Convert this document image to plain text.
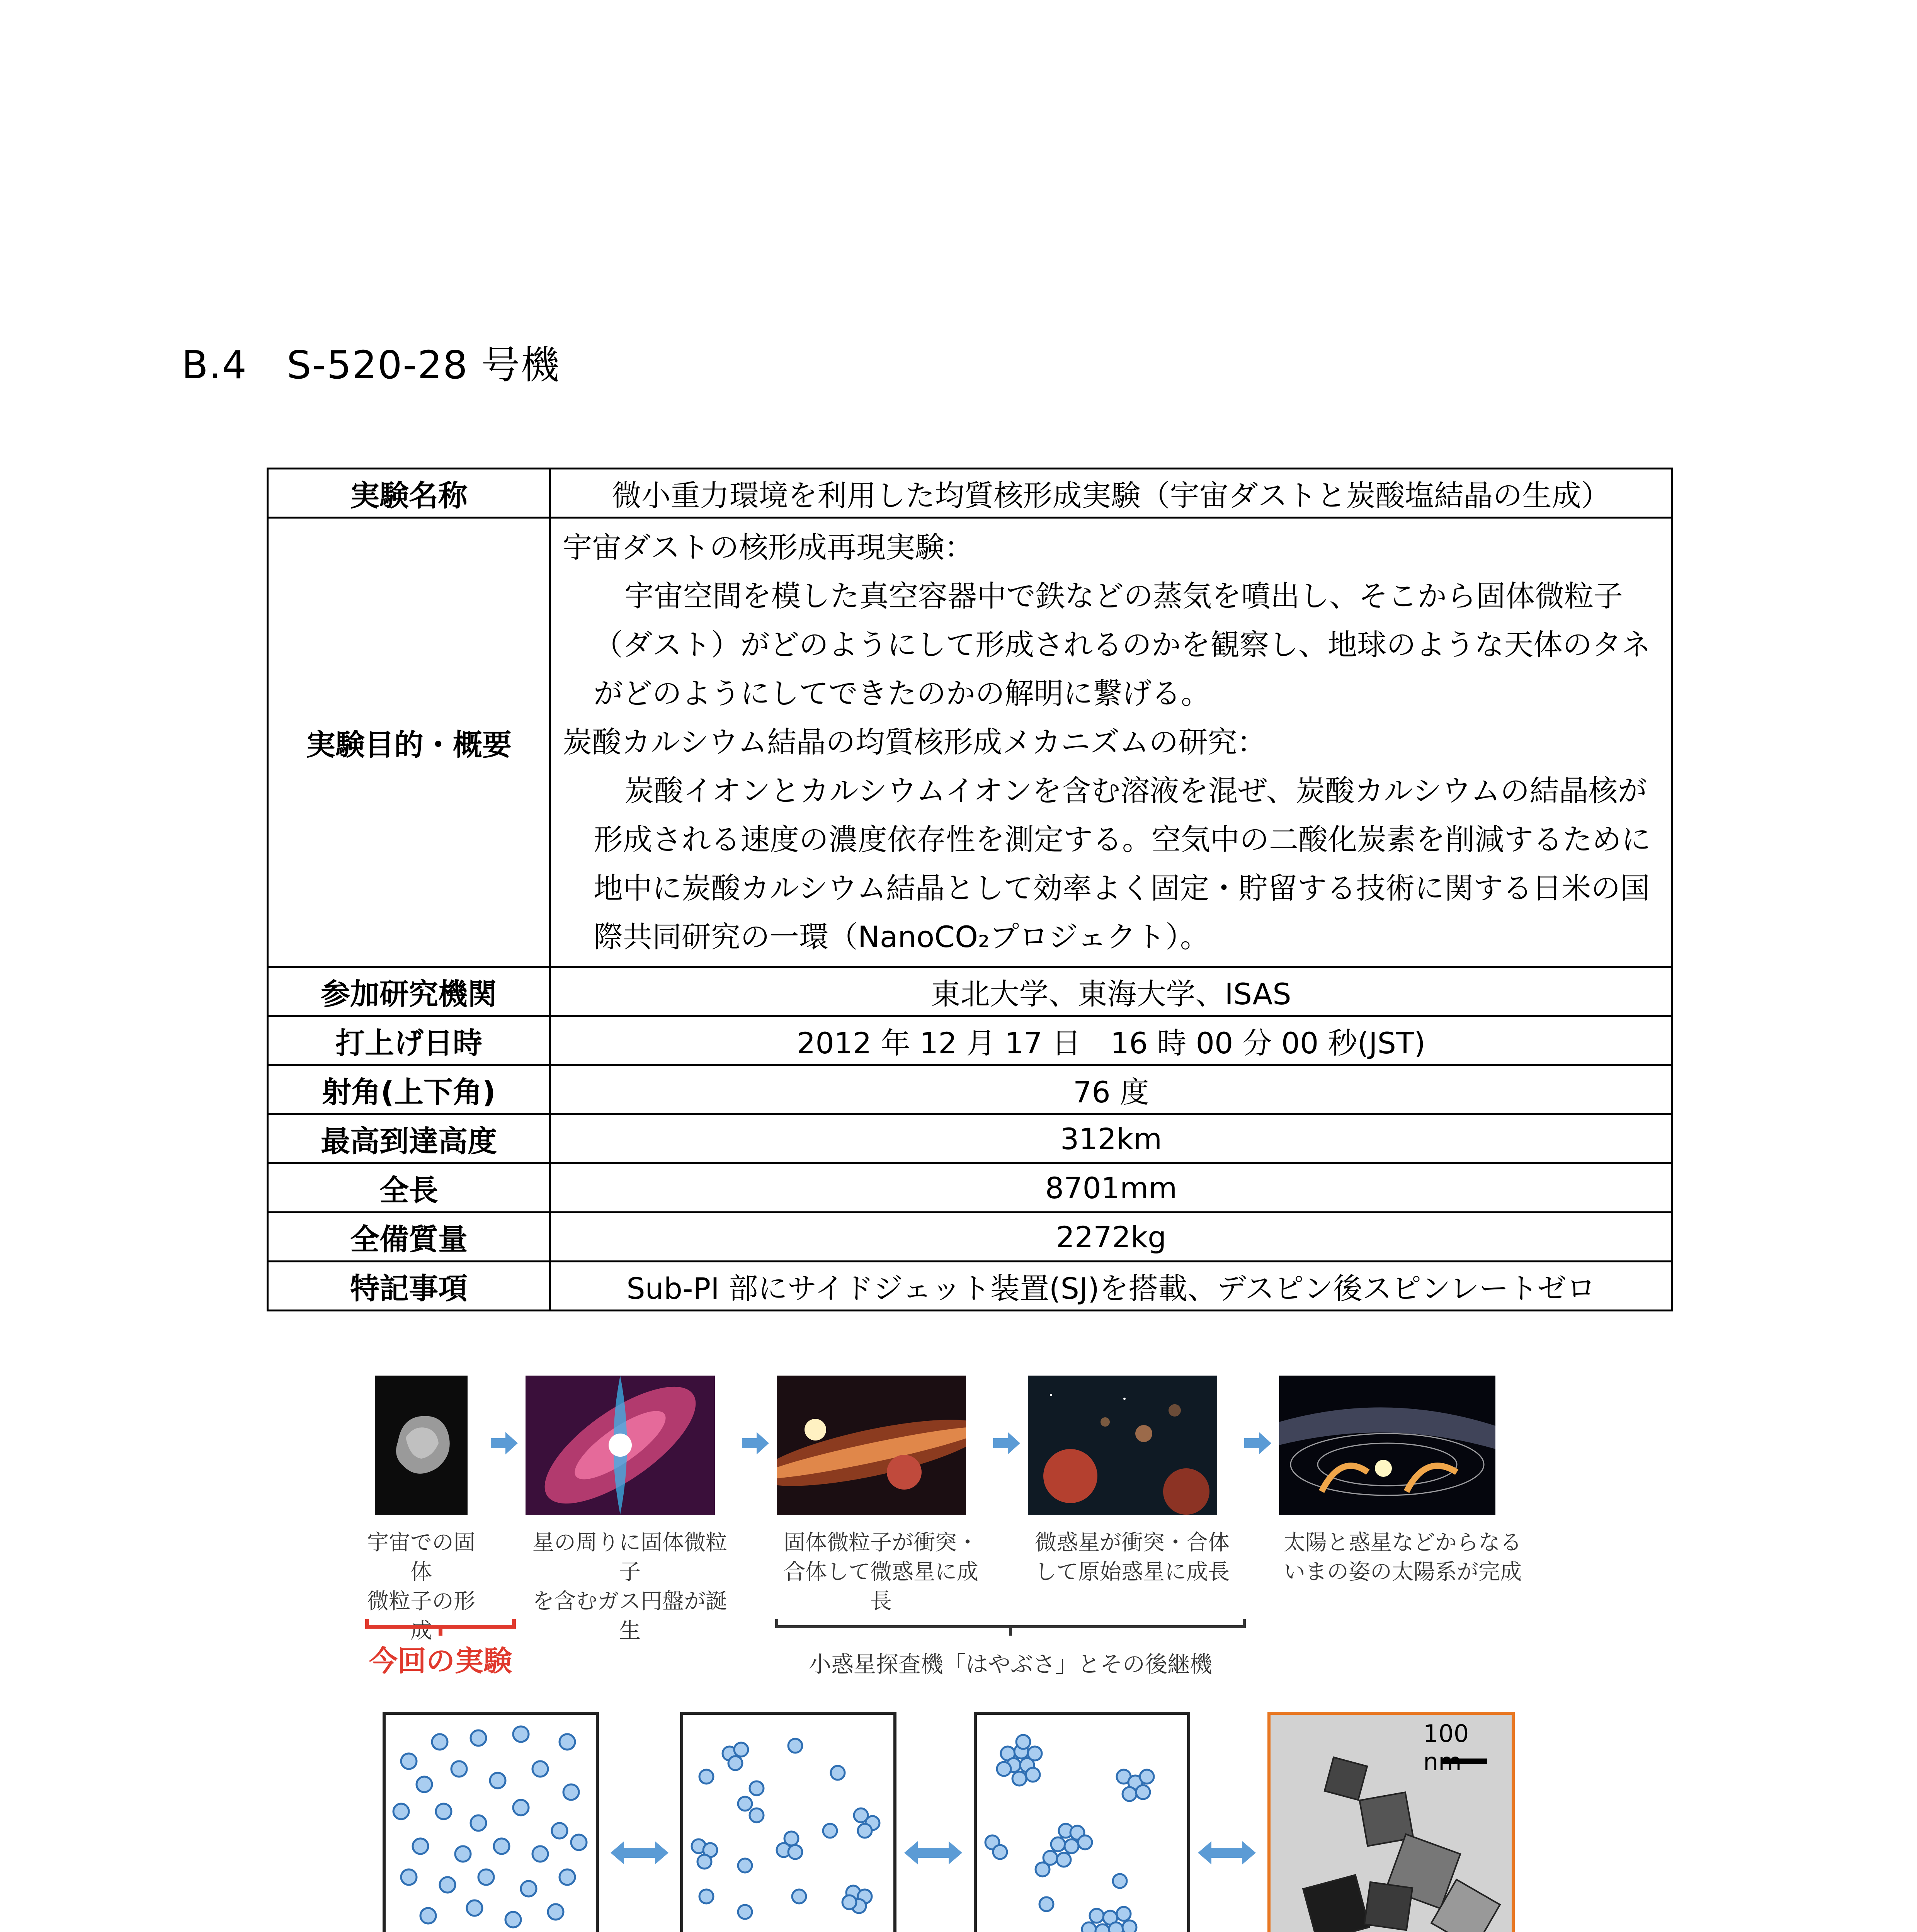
B.4　S-520-28 号機
実験名称	微小重力環境を利用した均質核形成実験（宇宙ダストと炭酸塩結晶の生成）
実験目的・概要	宇宙ダストの核形成再現実験：
宇宙空間を模した真空容器中で鉄などの蒸気を噴出し、そこから固体微粒子（ダスト）がどのようにして形成されるのかを観察し、地球のような天体のタネがどのようにしてできたのかの解明に繋げる。
炭酸カルシウム結晶の均質核形成メカニズムの研究：
炭酸イオンとカルシウムイオンを含む溶液を混ぜ、炭酸カルシウムの結晶核が形成される速度の濃度依存性を測定する。空気中の二酸化炭素を削減するために地中に炭酸カルシウム結晶として効率よく固定・貯留する技術に関する日米の国際共同研究の一環（NanoCO₂プロジェクト）。

参加研究機関	東北大学、東海大学、ISAS
打上げ日時	2012 年 12 月 17 日　16 時 00 分 00 秒(JST)
射角(上下角)	76 度
最高到達高度	312km
全長	8701mm
全備質量	2272kg
特記事項	Sub-PI 部にサイドジェット装置(SJ)を搭載、デスピン後スピンレートゼロ
宇宙での固体
微粒子の形成
星の周りに固体微粒子
を含むガス円盤が誕生
固体微粒子が衝突・
合体して微惑星に成長
微惑星が衝突・合体
して原始惑星に成長
太陽と惑星などからなる
いまの姿の太陽系が完成
今回の実験	小惑星探査機「はやぶさ」とその後継機
100 nm
